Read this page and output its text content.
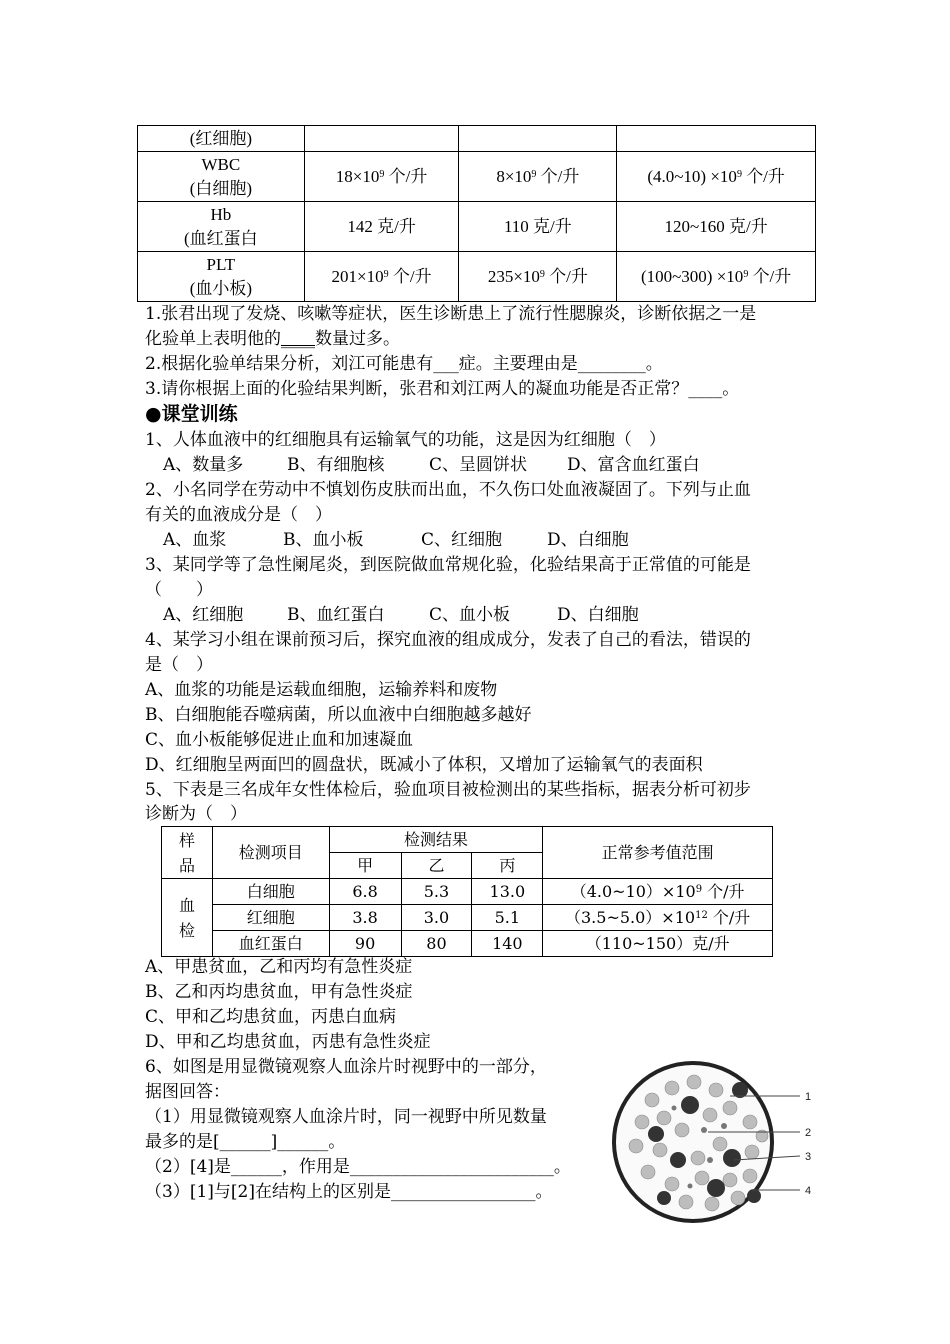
(红细胞)			

WBC
(白细胞)	$18\times 10^9$ 个/升	$8\times 10^9$ 个/升	(4.0~10) $\times 10^9$ 个/升

Hb
(血红蛋白	142 克/升	110 克/升	120~160 克/升

PLT
(血小板)	$201\times 10^9$ 个/升	$235\times 10^9$ 个/升	(100~300) $\times 10^9$ 个/升
1.张君出现了发烧、咳嗽等症状，医生诊断患上了流行性腮腺炎，诊断依据之一是
化验单上表明他的____数量过多。
2.根据化验单结果分析，刘江可能患有___症。主要理由是________。
3.请你根据上面的化验结果判断，张君和刘江两人的凝血功能是否正常？____。
●课堂训练
1、人体血液中的红细胞具有运输氧气的功能，这是因为红细胞（　）
A、数量多	B、有细胞核	C、呈圆饼状 D、富含血红蛋白
2、小名同学在劳动中不慎划伤皮肤而出血，不久伤口处血液凝固了。下列与止血
有关的血液成分是（　）
A、血浆	B、血小板	C、红细胞	D、白细胞
3、某同学等了急性阑尾炎，到医院做血常规化验，化验结果高于正常值的可能是
（　　）
A、红细胞	B、血红蛋白	C、血小板	D、白细胞
4、某学习小组在课前预习后，探究血液的组成成分，发表了自己的看法，错误的
是（　）
A、血浆的功能是运载血细胞，运输养料和废物
B、白细胞能吞噬病菌，所以血液中白细胞越多越好
C、血小板能够促进止血和加速凝血
D、红细胞呈两面凹的圆盘状，既减小了体积，又增加了运输氧气的表面积
5、下表是三名成年女性体检后，验血项目被检测出的某些指标，据表分析可初步
诊断为（　）
样
品	检测项目	检测结果			正常参考值范围
		甲	乙	丙	

血
检	白细胞	6.8	5.3	13.0	$(4.0\sim 10)\times 10^9$ 个/升
	红细胞	3.8	3.0	5.1	$(3.5\sim 5.0)\times 10^{12}$ 个/升
	血红蛋白	90	80	140	（110~150）克/升
A、甲患贫血，乙和丙均有急性炎症
B、乙和丙均患贫血，甲有急性炎症
C、甲和乙均患贫血，丙患白血病
D、甲和乙均患贫血，丙患有急性炎症
6、如图是用显微镜观察人血涂片时视野中的一部分，
据图回答：
（1）用显微镜观察人血涂片时，同一视野中所见数量
最多的是[______]______。
（2）[4]是______，作用是________________________。
（3）[1]与[2]在结构上的区别是_________________。
1
2
3
4
